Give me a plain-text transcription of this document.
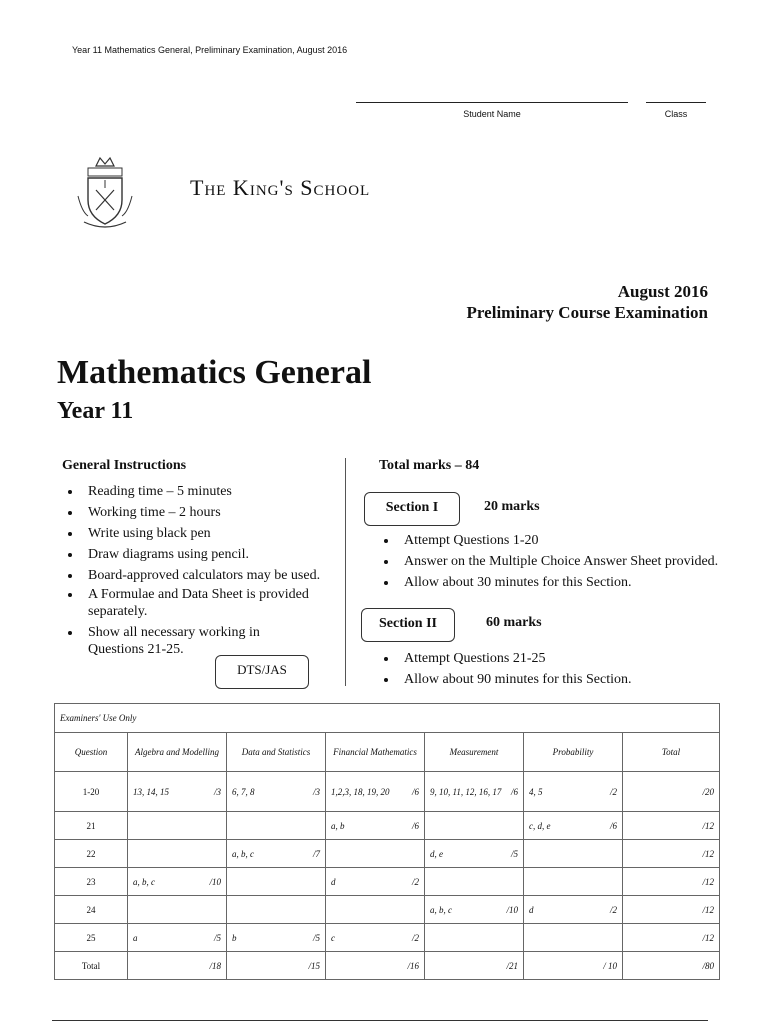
Year 11 Mathematics General, Preliminary Examination, August 2016
Student Name	Class
The King's School
August 2016
Preliminary Course Examination
Mathematics General
Year 11
General Instructions
• Reading time – 5 minutes
• Working time – 2 hours
• Write using black pen
• Draw diagrams using pencil.
• Board-approved calculators may be used.
• A Formulae and Data Sheet is provided separately.
• Show all necessary working in Questions 21-25.
DTS/JAS
Total marks – 84
Section I	20 marks
• Attempt Questions 1-20
• Answer on the Multiple Choice Answer Sheet provided.
• Allow about 30 minutes for this Section.
Section II	60 marks
• Attempt Questions 21-25
• Allow about 90 minutes for this Section.
Examiners' Use Only						
Question	Algebra and Modelling	Data and Statistics	Financial Mathematics	Measurement	Probability	Total
1-20	13, 14, 15 /3	6, 7, 8 /3	1,2,3, 18, 19, 20 /6	9, 10, 11, 12, 16, 17 /6	4, 5 /2	/20
21			a, b /6		c, d, e /6	/12
22		a, b, c /7		d, e /5		/12
23	a, b, c /10		d /2			/12
24				a, b, c /10	d /2	/12
25	a /5	b /5	c /2			/12
Total	/18	/15	/16	/21	/ 10	/80
